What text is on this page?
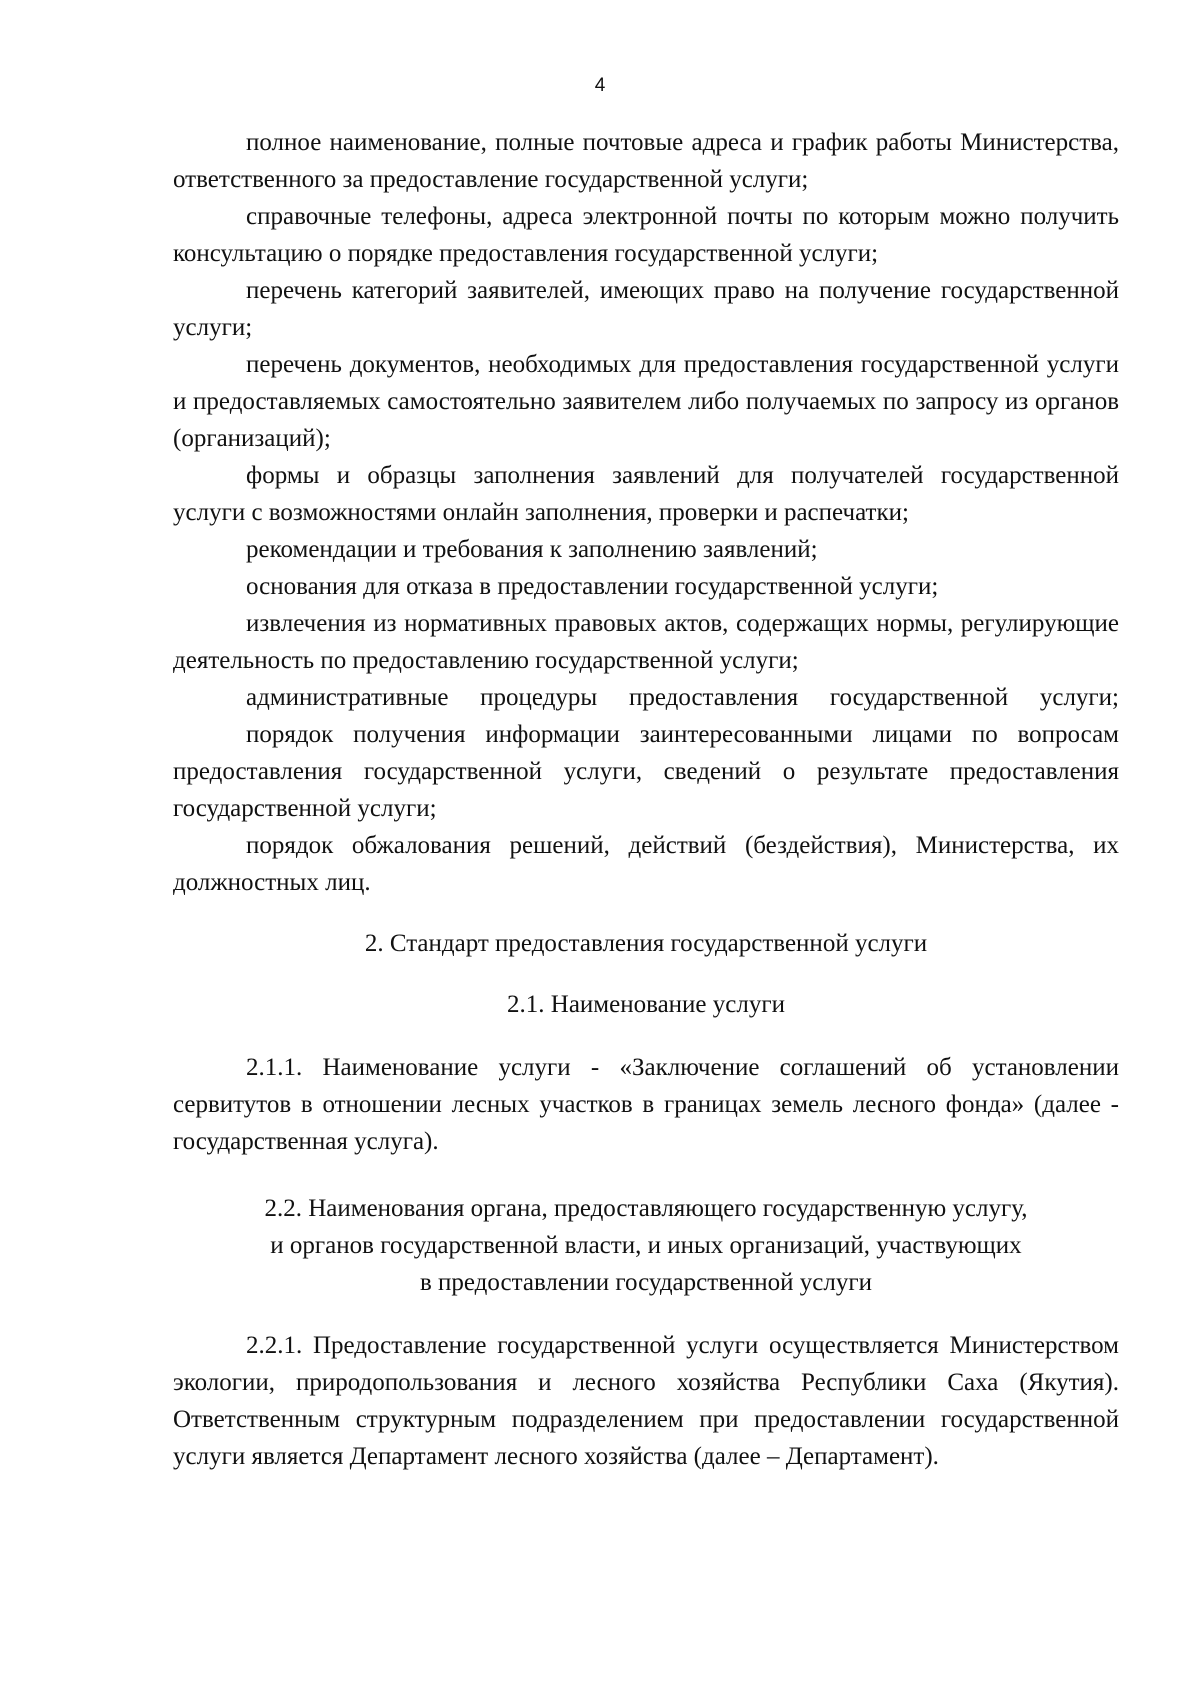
4

полное наименование, полные почтовые адреса и график работы Министерства, ответственного за предоставление государственной услуги;

справочные телефоны, адреса электронной почты по которым можно получить консультацию о порядке предоставления государственной услуги;

перечень категорий заявителей, имеющих право на получение государственной услуги;

перечень документов, необходимых для предоставления государственной услуги и предоставляемых самостоятельно заявителем либо получаемых по запросу из органов (организаций);

формы и образцы заполнения заявлений для получателей государственной услуги с возможностями онлайн заполнения, проверки и распечатки;

рекомендации и требования к заполнению заявлений;

основания для отказа в предоставлении государственной услуги;

извлечения из нормативных правовых актов, содержащих нормы, регулирующие деятельность по предоставлению государственной услуги;

административные процедуры предоставления государственной услуги;

порядок получения информации заинтересованными лицами по вопросам предоставления государственной услуги, сведений о результате предоставления государственной услуги;

порядок обжалования решений, действий (бездействия), Министерства, их должностных лиц.

2. Стандарт предоставления государственной услуги

2.1. Наименование услуги

2.1.1. Наименование услуги - «Заключение соглашений об установлении сервитутов в отношении лесных участков в границах земель лесного фонда» (далее - государственная услуга).

2.2. Наименования органа, предоставляющего государственную услугу,

и органов государственной власти, и иных организаций, участвующих

в предоставлении государственной услуги

2.2.1. Предоставление государственной услуги осуществляется Министерством экологии, природопользования и лесного хозяйства Республики Саха (Якутия). Ответственным структурным подразделением при предоставлении государственной услуги является Департамент лесного хозяйства (далее – Департамент).
